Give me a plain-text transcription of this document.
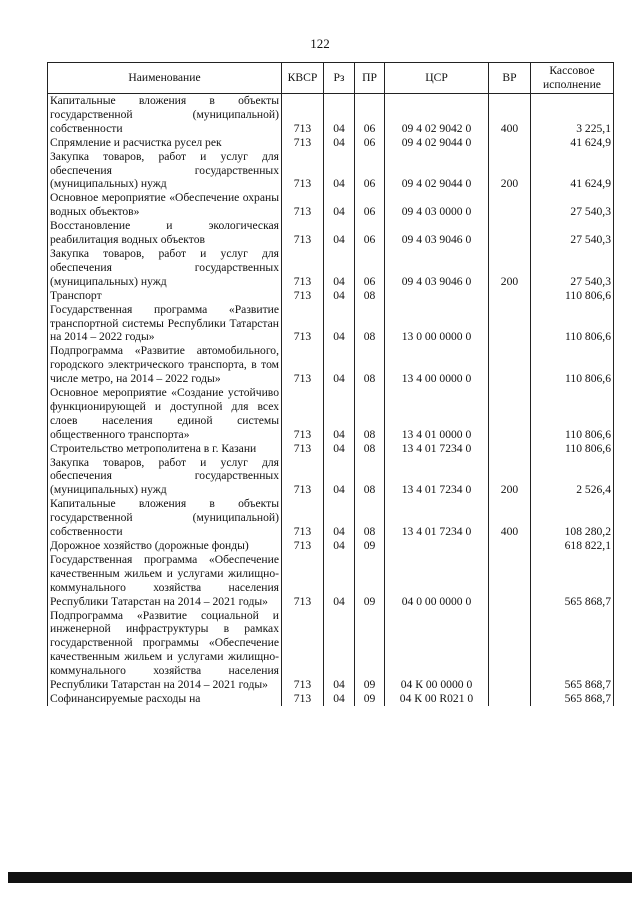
122
Наименование	КВСР	Рз	ПР	ЦСР	ВР	Кассовое исполнение
Капитальные вложения в объекты государственной (муниципальной) собственности	713	04	06	09 4 02 9042 0	400	3 225,1
Спрямление и расчистка русел рек	713	04	06	09 4 02 9044 0		41 624,9
Закупка товаров, работ и услуг для обеспечения государственных (муниципальных) нужд	713	04	06	09 4 02 9044 0	200	41 624,9
Основное мероприятие «Обеспечение охраны водных объектов»	713	04	06	09 4 03 0000 0		27 540,3
Восстановление и экологическая реабилитация водных объектов	713	04	06	09 4 03 9046 0		27 540,3
Закупка товаров, работ и услуг для обеспечения государственных (муниципальных) нужд	713	04	06	09 4 03 9046 0	200	27 540,3
Транспорт	713	04	08			110 806,6
Государственная программа «Развитие транспортной системы Республики Татарстан на 2014 – 2022 годы»	713	04	08	13 0 00 0000 0		110 806,6
Подпрограмма «Развитие автомобильного, городского электрического транспорта, в том числе метро, на 2014 – 2022 годы»	713	04	08	13 4 00 0000 0		110 806,6
Основное мероприятие «Создание устойчиво функционирующей и доступной для всех слоев населения единой системы общественного транспорта»	713	04	08	13 4 01 0000 0		110 806,6
Строительство метрополитена в г. Казани	713	04	08	13 4 01 7234 0		110 806,6
Закупка товаров, работ и услуг для обеспечения государственных (муниципальных) нужд	713	04	08	13 4 01 7234 0	200	2 526,4
Капитальные вложения в объекты государственной (муниципальной) собственности	713	04	08	13 4 01 7234 0	400	108 280,2
Дорожное хозяйство (дорожные фонды)	713	04	09			618 822,1
Государственная программа «Обеспечение качественным жильем и услугами жилищно-коммунального хозяйства населения Республики Татарстан на 2014 – 2021 годы»	713	04	09	04 0 00 0000 0		565 868,7
Подпрограмма «Развитие социальной и инженерной инфраструктуры в рамках государственной программы «Обеспечение качественным жильем и услугами жилищно-коммунального хозяйства населения Республики Татарстан на 2014 – 2021 годы»	713	04	09	04 К 00 0000 0		565 868,7
Софинансируемые расходы на	713	04	09	04 К 00 R021 0		565 868,7
